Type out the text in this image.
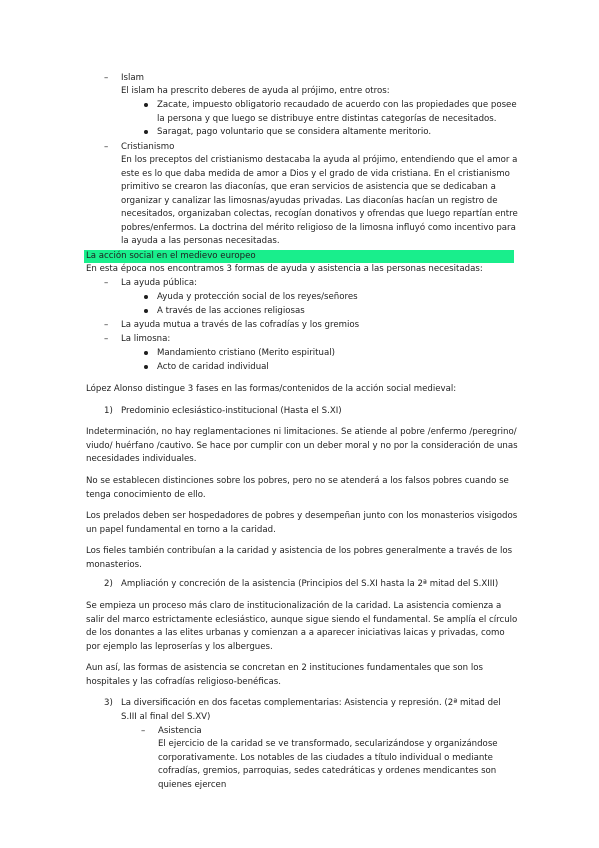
–	Islam

El islam ha prescrito deberes de ayuda al prójimo, entre otros:

Zacate, impuesto obligatorio recaudado de acuerdo con las propiedades que posee la persona y que luego se distribuye entre distintas categorías de necesitados.

Saragat, pago voluntario que se considera altamente meritorio.

–	Cristianismo

En los preceptos del cristianismo destacaba la ayuda al prójimo, entendiendo que el amor a este es lo que daba medida de amor a Dios y el grado de vida cristiana. En el cristianismo primitivo se crearon las diaconías, que eran servicios de asistencia que se dedicaban a organizar y canalizar las limosnas/ayudas privadas. Las diaconías hacían un registro de necesitados, organizaban colectas, recogían donativos y ofrendas que luego repartían entre pobres/enfermos. La doctrina del mérito religioso de la limosna influyó como incentivo para la ayuda a las personas necesitadas.

La acción social en el medievo europeo

En esta época nos encontramos 3 formas de ayuda y asistencia a las personas necesitadas:

–	La ayuda pública:

Ayuda y protección social de los reyes/señores

A través de las acciones religiosas

–	La ayuda mutua a través de las cofradías y los gremios

–	La limosna:

Mandamiento cristiano (Merito espiritual)

Acto de caridad individual

López Alonso distingue 3 fases en las formas/contenidos de la acción social medieval:

1) Predominio eclesiástico-institucional (Hasta el S.XI)

Indeterminación, no hay reglamentaciones ni limitaciones. Se atiende al pobre /enfermo /peregrino/ viudo/ huérfano /cautivo. Se hace por cumplir con un deber moral y no por la consideración de unas necesidades individuales.

No se establecen distinciones sobre los pobres, pero no se atenderá a los falsos pobres cuando se tenga conocimiento de ello.

Los prelados deben ser hospedadores de pobres y desempeñan junto con los monasterios visigodos un papel fundamental en torno a la caridad.

Los fieles también contribuían a la caridad y asistencia de los pobres generalmente a través de los monasterios.

2) Ampliación y concreción de la asistencia (Principios del S.XI hasta la 2ª mitad del S.XIII)

Se empieza un proceso más claro de institucionalización de la caridad. La asistencia comienza a salir del marco estrictamente eclesiástico, aunque sigue siendo el fundamental. Se amplía el círculo de los donantes a las elites urbanas y comienzan a a aparecer iniciativas laicas y privadas, como por ejemplo las leproserías y los albergues.

Aun así, las formas de asistencia se concretan en 2 instituciones fundamentales que son los hospitales y las cofradías religioso-benéficas.

3) La diversificación en dos facetas complementarias: Asistencia y represión. (2ª mitad del S.III al final del S.XV)

–	Asistencia

El ejercicio de la caridad se ve transformado, secularizándose y organizándose corporativamente. Los notables de las ciudades a título individual o mediante cofradías, gremios, parroquias, sedes catedráticas y ordenes mendicantes son quienes ejercen
